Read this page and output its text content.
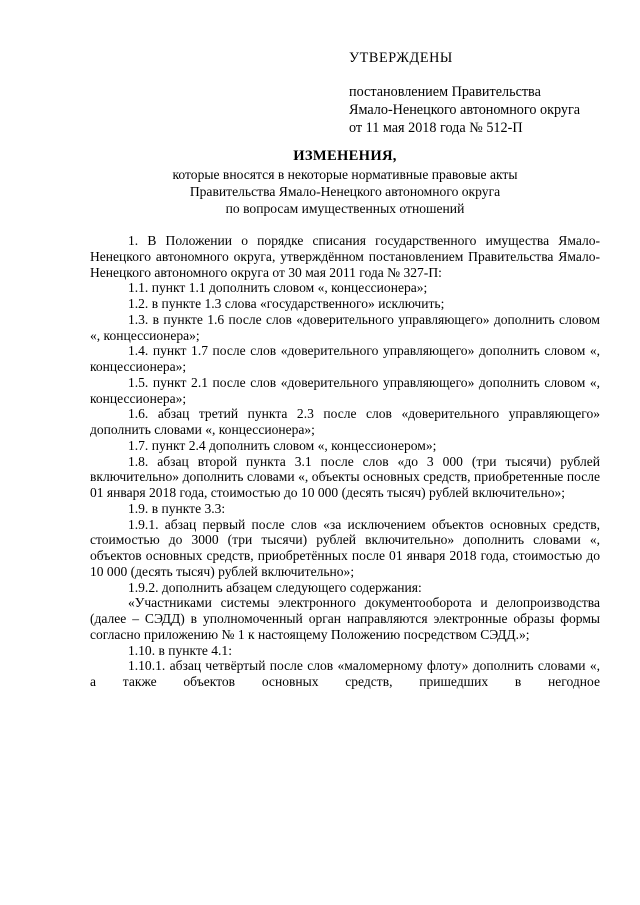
УТВЕРЖДЕНЫ
постановлением Правительства
Ямало-Ненецкого автономного округа
от 11 мая 2018 года № 512-П
ИЗМЕНЕНИЯ,
которые вносятся в некоторые нормативные правовые акты
Правительства Ямало-Ненецкого автономного округа
по вопросам имущественных отношений

1. В Положении о порядке списания государственного имущества Ямало-Ненецкого автономного округа, утверждённом постановлением Правительства Ямало-Ненецкого автономного округа от 30 мая 2011 года № 327-П:

1.1. пункт 1.1 дополнить словом «, концессионера»;

1.2. в пункте 1.3 слова «государственного» исключить;

1.3. в пункте 1.6 после слов «доверительного управляющего» дополнить словом «, концессионера»;

1.4. пункт 1.7 после слов «доверительного управляющего» дополнить словом «, концессионера»;

1.5. пункт 2.1 после слов «доверительного управляющего» дополнить словом «, концессионера»;

1.6. абзац третий пункта 2.3 после слов «доверительного управляющего» дополнить словами «, концессионера»;

1.7. пункт 2.4 дополнить словом «, концессионером»;

1.8. абзац второй пункта 3.1 после слов «до 3 000 (три тысячи) рублей включительно» дополнить словами «, объекты основных средств, приобретенные после 01 января 2018 года, стоимостью до 10 000 (десять тысяч) рублей включительно»;

1.9. в пункте 3.3:

1.9.1. абзац первый после слов «за исключением объектов основных средств, стоимостью до 3000 (три тысячи) рублей включительно» дополнить словами «, объектов основных средств, приобретённых после 01 января 2018 года, стоимостью до 10 000 (десять тысяч) рублей включительно»;

1.9.2. дополнить абзацем следующего содержания:

«Участниками системы электронного документооборота и делопроизводства (далее – СЭДД) в уполномоченный орган направляются электронные образы формы согласно приложению № 1 к настоящему Положению посредством СЭДД.»;

1.10. в пункте 4.1:

1.10.1. абзац четвёртый после слов «маломерному флоту» дополнить словами «, а также объектов основных средств, пришедших в негодное
